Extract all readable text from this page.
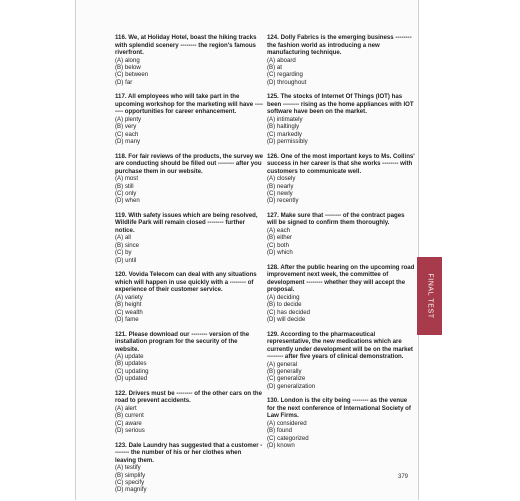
116. We, at Holiday Hotel, boast the hiking tracks with splendid scenery -------- the region's famous riverfront.

(A) along

(B) below

(C) between

(D) far

117. All employees who will take part in the upcoming workshop for the marketing will have -------- opportunities for career enhancement.

(A) plenty

(B) very

(C) each

(D) many

118. For fair reviews of the products, the survey we are conducting should be filled out -------- after you purchase them in our website.

(A) most

(B) still

(C) only

(D) when

119. With safety issues which are being resolved, Wildlife Park will remain closed -------- further notice.

(A) all

(B) since

(C) by

(D) until

120. Vovida Telecom can deal with any situations which will happen in use quickly with a -------- of experience of their customer service.

(A) variety

(B) height

(C) wealth

(D) fame

121. Please download our -------- version of the installation program for the security of the website.

(A) update

(B) updates

(C) updating

(D) updated

122. Drivers must be -------- of the other cars on the road to prevent accidents.

(A) alert

(B) current

(C) aware

(D) serious

123. Dale Laundry has suggested that a customer -------- the number of his or her clothes when leaving them.

(A) testify

(B) simplify

(C) specify

(D) magnify

124. Dolly Fabrics is the emerging business -------- the fashion world as introducing a new manufacturing technique.

(A) aboard

(B) at

(C) regarding

(D) throughout

125. The stocks of Internet Of Things (IOT) has been -------- rising as the home appliances with IOT software have been on the market.

(A) intimately

(B) haltingly

(C) markedly

(D) permissibly

126. One of the most important keys to Ms. Collins' success in her career is that she works -------- with customers to communicate well.

(A) closely

(B) nearly

(C) newly

(D) recently

127. Make sure that -------- of the contract pages will be signed to confirm them thoroughly.

(A) each

(B) either

(C) both

(D) which

128. After the public hearing on the upcoming road improvement next week, the committee of development -------- whether they will accept the proposal.

(A) deciding

(B) to decide

(C) has decided

(D) will decide

129. According to the pharmaceutical representative, the new medications which are currently under development will be on the market -------- after five years of clinical demonstration.

(A) general

(B) generally

(C) generalize

(D) generalization

130. London is the city being -------- as the venue for the next conference of International Society of Law Firms.

(A) considered

(B) found

(C) categorized

(D) known

FINAL TEST
379
